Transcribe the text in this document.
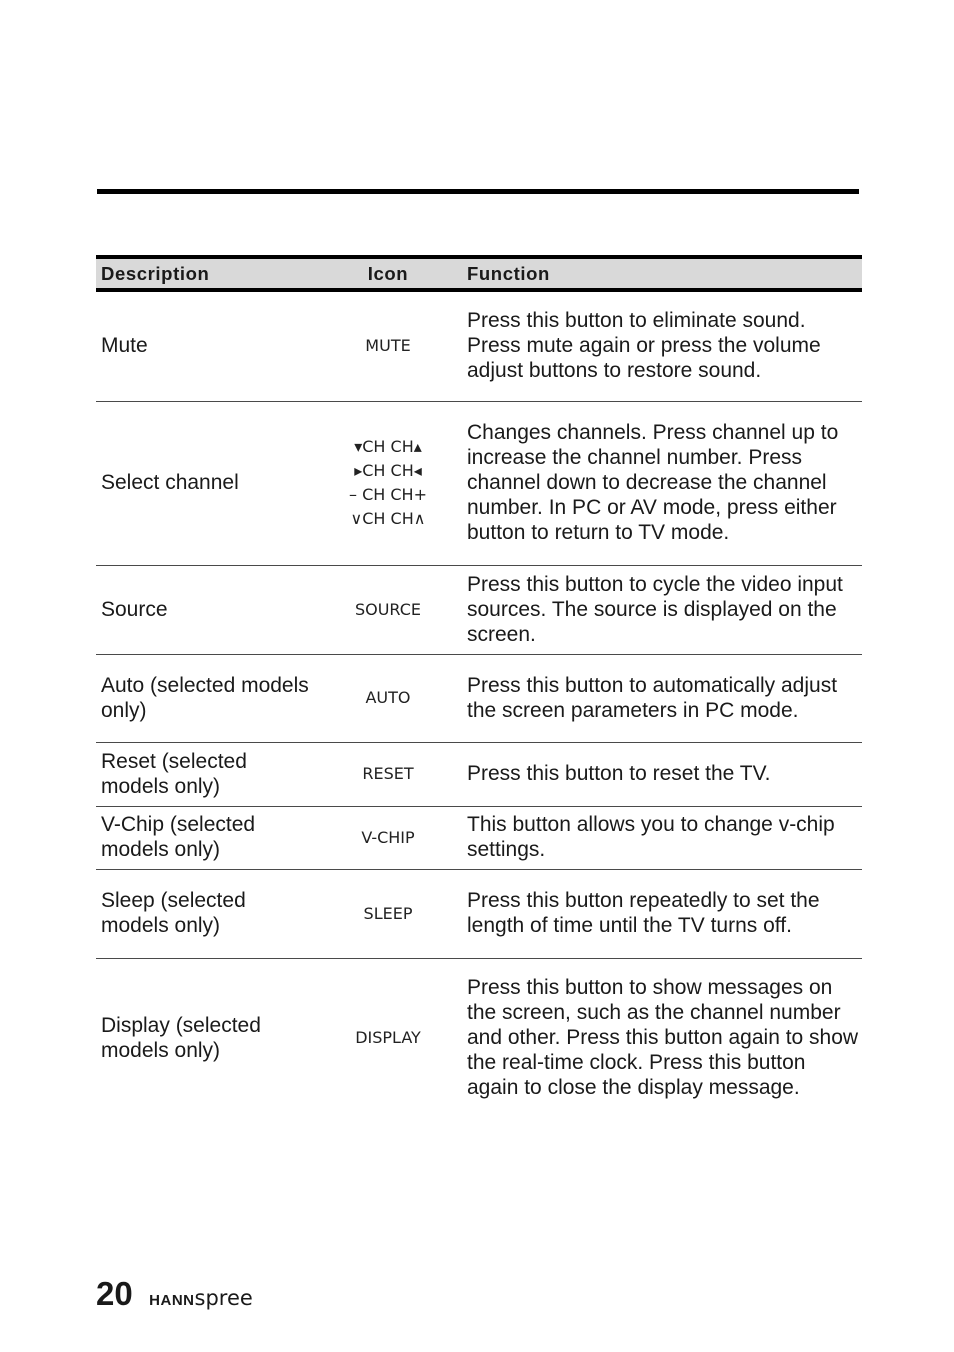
Description	Icon	Function
Mute	MUTE	Press this button to eliminate sound. Press mute again or press the volume adjust buttons to restore sound.
Select channel	▾CH CH▴
▸CH CH◂
– CH CH+
∨CH CH∧	Changes channels. Press channel up to increase the channel number. Press channel down to decrease the channel number. In PC or AV mode, press either button to return to TV mode.
Source	SOURCE	Press this button to cycle the video input sources. The source is displayed on the screen.
Auto (selected models only)	AUTO	Press this button to automatically adjust the screen parameters in PC mode.
Reset (selected models only)	RESET	Press this button to reset the TV.
V-Chip (selected models only)	V-CHIP	This button allows you to change v-chip settings.
Sleep (selected models only)	SLEEP	Press this button repeatedly to set the length of time until the TV turns off.
Display (selected models only)	DISPLAY	Press this button to show messages on the screen, such as the channel number and other. Press this button again to show the real-time clock. Press this button again to close the display message.
20 HANNspree
